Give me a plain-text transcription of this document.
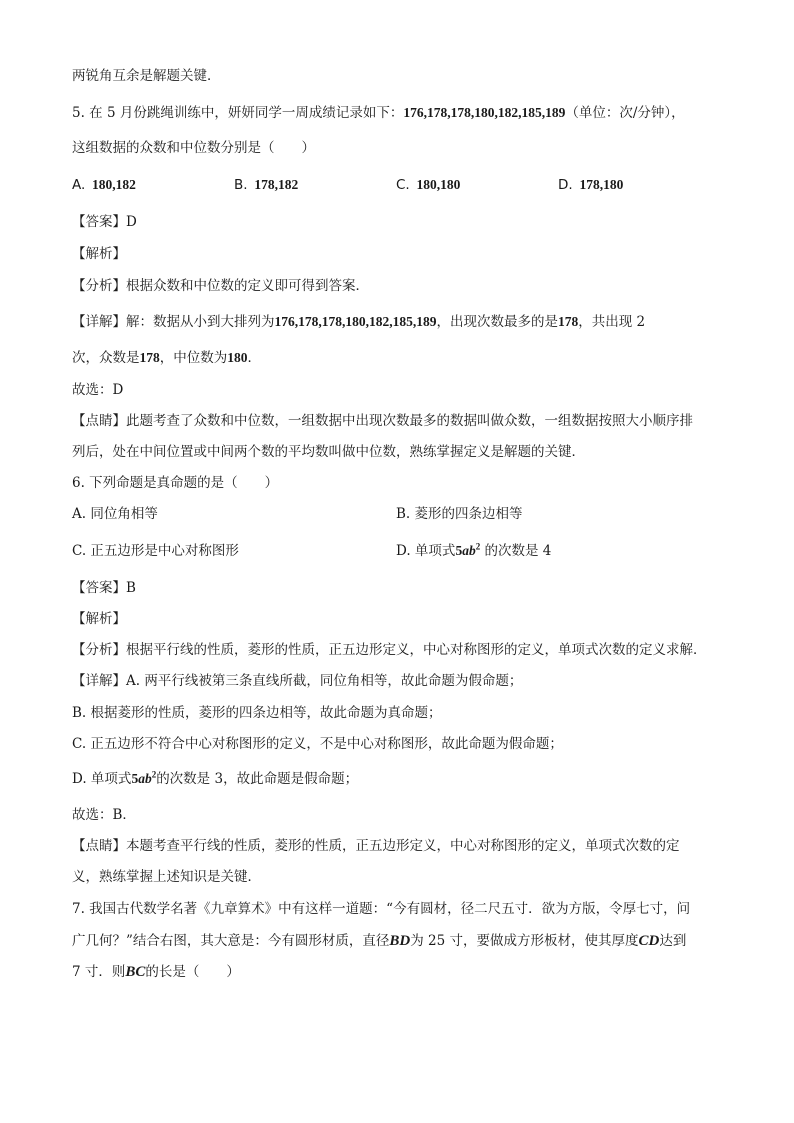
两锐角互余是解题关键．
5. 在 5 月份跳绳训练中，妍妍同学一周成绩记录如下：176,178,178,180,182,185,189（单位：次/分钟），
这组数据的众数和中位数分别是（　　）
A. 180,182	B. 178,182	C. 180,180	D. 178,180
【答案】D
【解析】
【分析】根据众数和中位数的定义即可得到答案．
【详解】解：数据从小到大排列为176,178,178,180,182,185,189，出现次数最多的是178，共出现 2
次，众数是178，中位数为180．
故选：D
【点睛】此题考查了众数和中位数，一组数据中出现次数最多的数据叫做众数，一组数据按照大小顺序排
列后，处在中间位置或中间两个数的平均数叫做中位数，熟练掌握定义是解题的关键．
6. 下列命题是真命题的是（　　）
A. 同位角相等	B. 菱形的四条边相等
C. 正五边形是中心对称图形	D. 单项式$5ab^2$ 的次数是 4
【答案】B
【解析】
【分析】根据平行线的性质，菱形的性质，正五边形定义，中心对称图形的定义，单项式次数的定义求解．
【详解】A. 两平行线被第三条直线所截，同位角相等，故此命题为假命题；
B. 根据菱形的性质，菱形的四条边相等，故此命题为真命题；
C. 正五边形不符合中心对称图形的定义，不是中心对称图形，故此命题为假命题；
D. 单项式$5ab^2$的次数是 3，故此命题是假命题；
故选：B．
【点睛】本题考查平行线的性质，菱形的性质，正五边形定义，中心对称图形的定义，单项式次数的定
义，熟练掌握上述知识是关键．
7. 我国古代数学名著《九章算术》中有这样一道题：“今有圆材，径二尺五寸．欲为方版，令厚七寸，问
广几何？”结合右图，其大意是：今有圆形材质，直径BD为 25 寸，要做成方形板材，使其厚度CD达到
7 寸．则BC的长是（　　）
